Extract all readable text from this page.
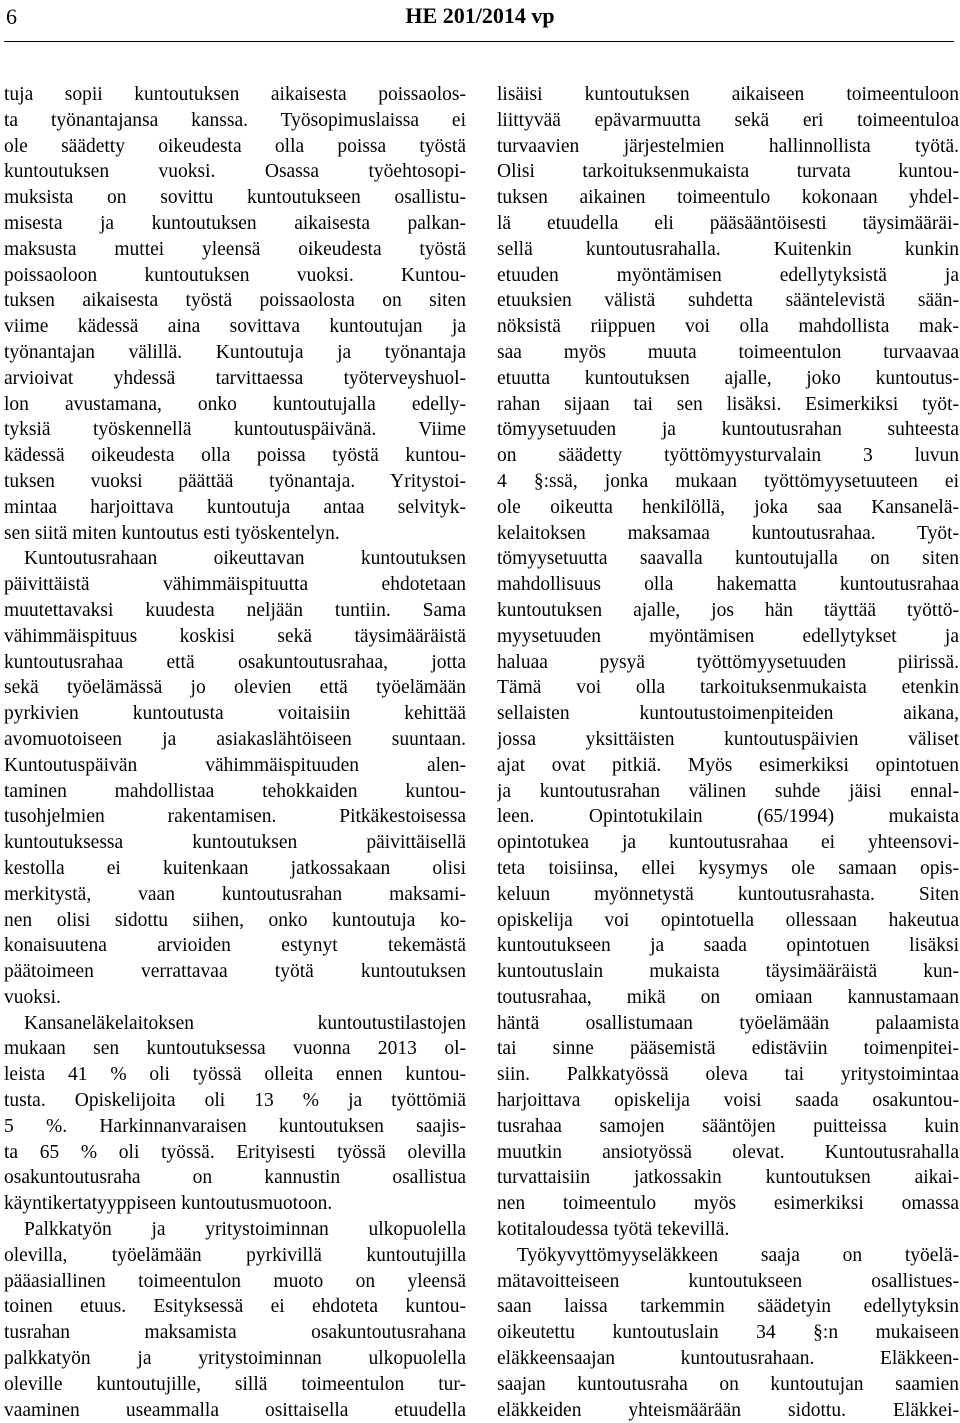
6	HE 201/2014 vp
tuja sopii kuntoutuksen aikaisesta poissaolos-
ta työnantajansa kanssa. Työsopimuslaissa ei
ole säädetty oikeudesta olla poissa työstä
kuntoutuksen vuoksi. Osassa työehtosopi-
muksista on sovittu kuntoutukseen osallistu-
misesta ja kuntoutuksen aikaisesta palkan-
maksusta muttei yleensä oikeudesta työstä
poissaoloon kuntoutuksen vuoksi. Kuntou-
tuksen aikaisesta työstä poissaolosta on siten
viime kädessä aina sovittava kuntoutujan ja
työnantajan välillä. Kuntoutuja ja työnantaja
arvioivat yhdessä tarvittaessa työterveyshuol-
lon avustamana, onko kuntoutujalla edelly-
tyksiä työskennellä kuntoutuspäivänä. Viime
kädessä oikeudesta olla poissa työstä kuntou-
tuksen vuoksi päättää työnantaja. Yritystoi-
mintaa harjoittava kuntoutuja antaa selvityk-
sen siitä miten kuntoutus esti työskentelyn.
Kuntoutusrahaan oikeuttavan kuntoutuksen
päivittäistä vähimmäispituutta ehdotetaan
muutettavaksi kuudesta neljään tuntiin. Sama
vähimmäispituus koskisi sekä täysimääräistä
kuntoutusrahaa että osakuntoutusrahaa, jotta
sekä työelämässä jo olevien että työelämään
pyrkivien kuntoutusta voitaisiin kehittää
avomuotoiseen ja asiakaslähtöiseen suuntaan.
Kuntoutuspäivän vähimmäispituuden alen-
taminen mahdollistaa tehokkaiden kuntou-
tusohjelmien rakentamisen. Pitkäkestoisessa
kuntoutuksessa kuntoutuksen päivittäisellä
kestolla ei kuitenkaan jatkossakaan olisi
merkitystä, vaan kuntoutusrahan maksami-
nen olisi sidottu siihen, onko kuntoutuja ko-
konaisuutena arvioiden estynyt tekemästä
päätoimeen verrattavaa työtä kuntoutuksen
vuoksi.
Kansaneläkelaitoksen kuntoutustilastojen
mukaan sen kuntoutuksessa vuonna 2013 ol-
leista 41 % oli työssä olleita ennen kuntou-
tusta. Opiskelijoita oli 13 % ja työttömiä
5 %. Harkinnanvaraisen kuntoutuksen saajis-
ta 65 % oli työssä. Erityisesti työssä olevilla
osakuntoutusraha on kannustin osallistua
käyntikertatyyppiseen kuntoutusmuotoon.
Palkkatyön ja yritystoiminnan ulkopuolella
olevilla, työelämään pyrkivillä kuntoutujilla
pääasiallinen toimeentulon muoto on yleensä
toinen etuus. Esityksessä ei ehdoteta kuntou-
tusrahan maksamista osakuntoutusrahana
palkkatyön ja yritystoiminnan ulkopuolella
oleville kuntoutujille, sillä toimeentulon tur-
vaaminen useammalla osittaisella etuudella
lisäisi kuntoutuksen aikaiseen toimeentuloon
liittyvää epävarmuutta sekä eri toimeentuloa
turvaavien järjestelmien hallinnollista työtä.
Olisi tarkoituksenmukaista turvata kuntou-
tuksen aikainen toimeentulo kokonaan yhdel-
lä etuudella eli pääsääntöisesti täysimääräi-
sellä kuntoutusrahalla. Kuitenkin kunkin
etuuden myöntämisen edellytyksistä ja
etuuksien välistä suhdetta sääntelevistä sään-
nöksistä riippuen voi olla mahdollista mak-
saa myös muuta toimeentulon turvaavaa
etuutta kuntoutuksen ajalle, joko kuntoutus-
rahan sijaan tai sen lisäksi. Esimerkiksi työt-
tömyysetuuden ja kuntoutusrahan suhteesta
on säädetty työttömyysturvalain 3 luvun
4 §:ssä, jonka mukaan työttömyysetuuteen ei
ole oikeutta henkilöllä, joka saa Kansanelä-
kelaitoksen maksamaa kuntoutusrahaa. Työt-
tömyysetuutta saavalla kuntoutujalla on siten
mahdollisuus olla hakematta kuntoutusrahaa
kuntoutuksen ajalle, jos hän täyttää työttö-
myysetuuden myöntämisen edellytykset ja
haluaa pysyä työttömyysetuuden piirissä.
Tämä voi olla tarkoituksenmukaista etenkin
sellaisten kuntoutustoimenpiteiden aikana,
jossa yksittäisten kuntoutuspäivien väliset
ajat ovat pitkiä. Myös esimerkiksi opintotuen
ja kuntoutusrahan välinen suhde jäisi ennal-
leen. Opintotukilain (65/1994) mukaista
opintotukea ja kuntoutusrahaa ei yhteensovi-
teta toisiinsa, ellei kysymys ole samaan opis-
keluun myönnetystä kuntoutusrahasta. Siten
opiskelija voi opintotuella ollessaan hakeutua
kuntoutukseen ja saada opintotuen lisäksi
kuntoutuslain mukaista täysimääräistä kun-
toutusrahaa, mikä on omiaan kannustamaan
häntä osallistumaan työelämään palaamista
tai sinne pääsemistä edistäviin toimenpitei-
siin. Palkkatyössä oleva tai yritystoimintaa
harjoittava opiskelija voisi saada osakuntou-
tusrahaa samojen sääntöjen puitteissa kuin
muutkin ansiotyössä olevat. Kuntoutusrahalla
turvattaisiin jatkossakin kuntoutuksen aikai-
nen toimeentulo myös esimerkiksi omassa
kotitaloudessa työtä tekevillä.
Työkyvyttömyyseläkkeen saaja on työelä-
mätavoitteiseen kuntoutukseen osallistues-
saan laissa tarkemmin säädetyin edellytyksin
oikeutettu kuntoutuslain 34 §:n mukaiseen
eläkkeensaajan kuntoutusrahaan. Eläkkeen-
saajan kuntoutusraha on kuntoutujan saamien
eläkkeiden yhteismäärään sidottu. Eläkkei-
